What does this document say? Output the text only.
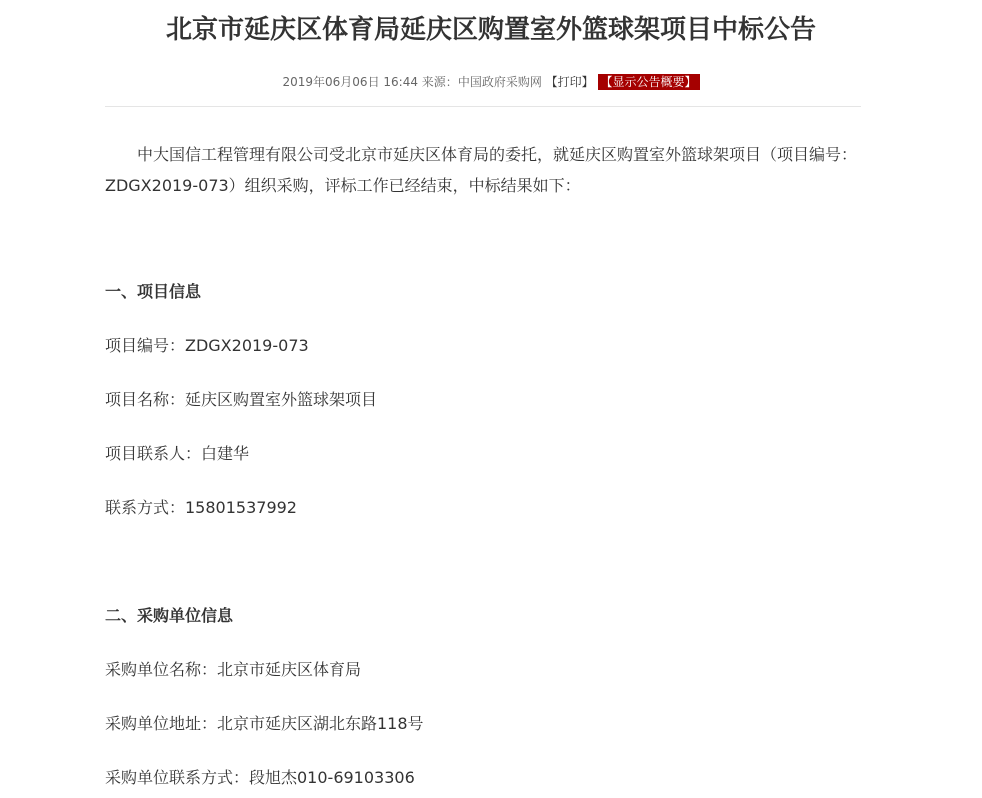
北京市延庆区体育局延庆区购置室外篮球架项目中标公告
2019年06月06日 16:44 来源：中国政府采购网 【打印】 【显示公告概要】
中大国信工程管理有限公司受北京市延庆区体育局的委托，就延庆区购置室外篮球架项目（项目编号：ZDGX2019-073）组织采购，评标工作已经结束，中标结果如下：
一、项目信息
项目编号：ZDGX2019-073
项目名称：延庆区购置室外篮球架项目
项目联系人：白建华
联系方式：15801537992
二、采购单位信息
采购单位名称：北京市延庆区体育局
采购单位地址：北京市延庆区湖北东路118号
采购单位联系方式：段旭杰010-69103306
